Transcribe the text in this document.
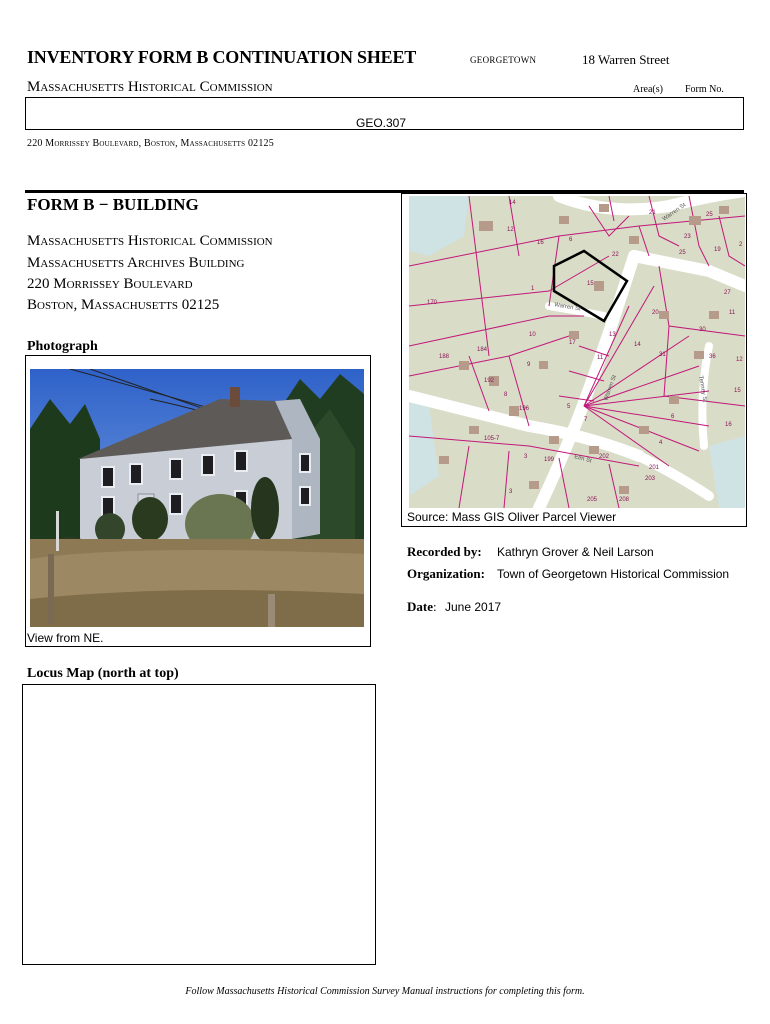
INVENTORY FORM B CONTINUATION SHEET	GEORGETOWN	18 Warren Street
Massachusetts Historical Commission	Area(s) Form No.
GEO.307
220 Morrissey Boulevard, Boston, Massachusetts 02125
FORM B − BUILDING
Massachusetts Historical Commission
Massachusetts Archives Building
220 Morrissey Boulevard
Boston, Massachusetts 02125
Photograph
View from NE.
12
14
16	6
1
15
22	25
170
10
14
13
17
11
188
184
9
192
8
196	5
7
105-7
3	199	202
4
201
3
205	208
203
6
21
23
25
19
27
31
30
36
11
12
15
16
20
2
Warren St
Warren St
Warren St
Elm St
Tenney St
Source: Mass GIS Oliver Parcel Viewer
Recorded by: Kathryn Grover & Neil Larson
Organization: Town of Georgetown Historical Commission
Date: June 2017
Locus Map (north at top)
Follow Massachusetts Historical Commission Survey Manual instructions for completing this form.
